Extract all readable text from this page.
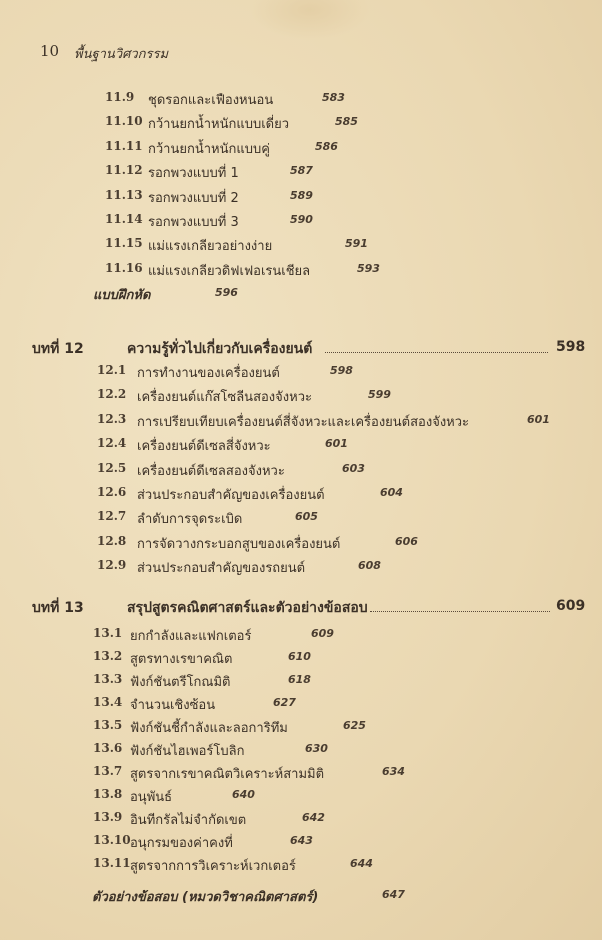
10 พื้นฐานวิศวกรรม
11.9 ชุดรอกและเฟืองหนอน	583
11.10 กว้านยกน้ำหนักแบบเดี่ยว	585
11.11 กว้านยกน้ำหนักแบบคู่	586
11.12 รอกพวงแบบที่ 1	587
11.13 รอกพวงแบบที่ 2	589
11.14 รอกพวงแบบที่ 3	590
11.15 แม่แรงเกลียวอย่างง่าย	591
11.16 แม่แรงเกลียวดิฟเฟอเรนเชียล	593
แบบฝึกหัด	596
บทที่ 12	ความรู้ทั่วไปเกี่ยวกับเครื่องยนต์	598
12.1 การทำงานของเครื่องยนต์	598
12.2 เครื่องยนต์แก๊สโซลีนสองจังหวะ	599
12.3 การเปรียบเทียบเครื่องยนต์สี่จังหวะและเครื่องยนต์สองจังหวะ	601
12.4 เครื่องยนต์ดีเซลสี่จังหวะ	601
12.5 เครื่องยนต์ดีเซลสองจังหวะ	603
12.6 ส่วนประกอบสำคัญของเครื่องยนต์	604
12.7 ลำดับการจุดระเบิด	605
12.8 การจัดวางกระบอกสูบของเครื่องยนต์	606
12.9 ส่วนประกอบสำคัญของรถยนต์	608
บทที่ 13	สรุปสูตรคณิตศาสตร์และตัวอย่างข้อสอบ	609
13.1 ยกกำลังและแฟกเตอร์	609
13.2 สูตรทางเรขาคณิต	610
13.3 ฟังก์ชันตรีโกณมิติ	618
13.4 จำนวนเชิงซ้อน	627
13.5 ฟังก์ชันชี้กำลังและลอการิทึม	625
13.6 ฟังก์ชันไฮเพอร์โบลิก	630
13.7 สูตรจากเรขาคณิตวิเคราะห์สามมิติ	634
13.8 อนุพันธ์	640
13.9 อินทีกรัลไม่จำกัดเขต	642
13.10 อนุกรมของค่าคงที่	643
13.11 สูตรจากการวิเคราะห์เวกเตอร์	644
ตัวอย่างข้อสอบ (หมวดวิชาคณิตศาสตร์)	647
